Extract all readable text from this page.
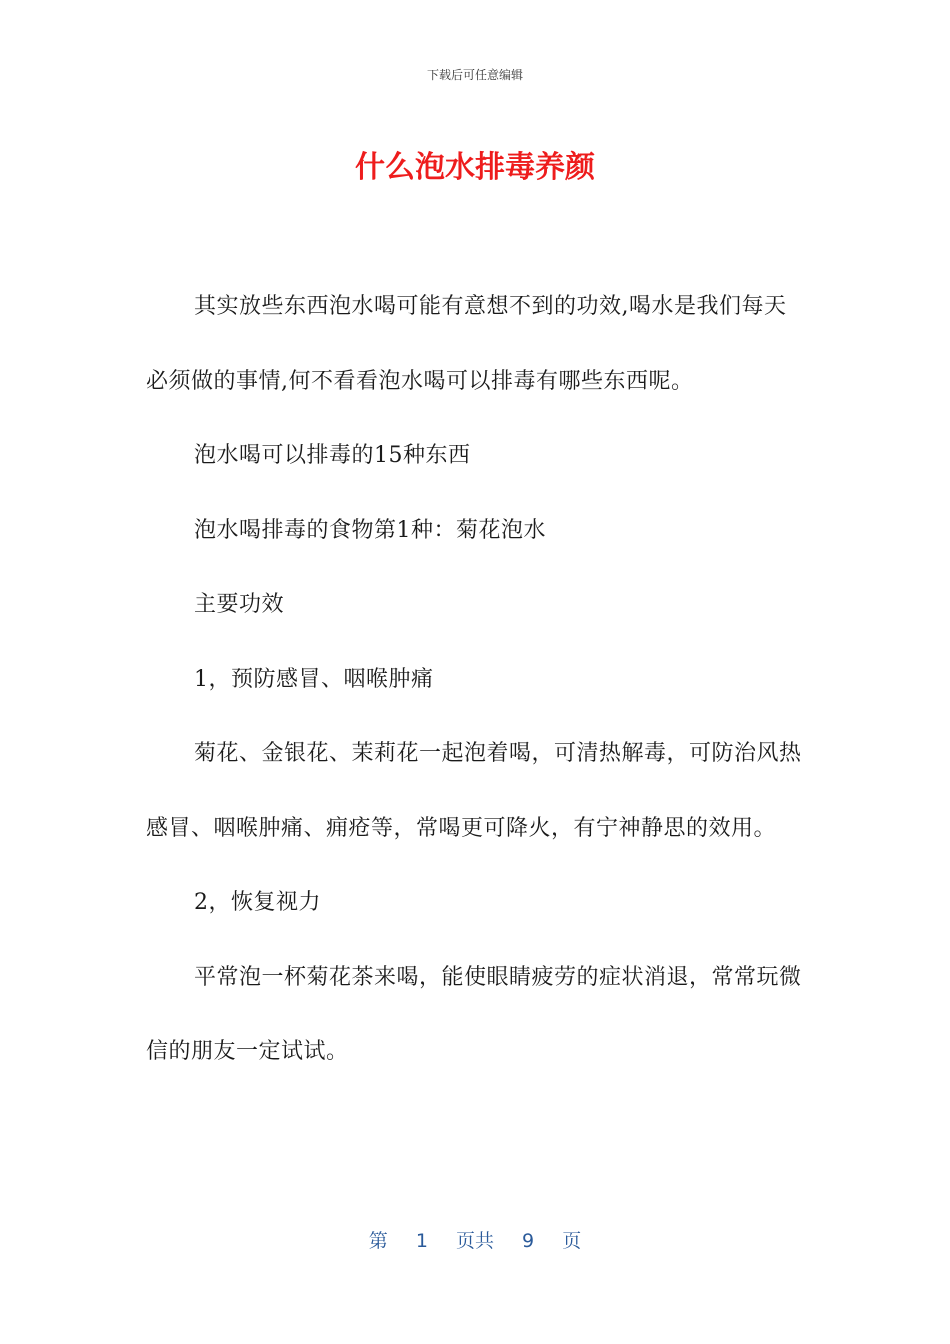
下载后可任意编辑
什么泡水排毒养颜

其实放些东西泡水喝可能有意想不到的功效,喝水是我们每天必须做的事情,何不看看泡水喝可以排毒有哪些东西呢。

泡水喝可以排毒的15种东西

泡水喝排毒的食物第1种：菊花泡水

主要功效

1，预防感冒、咽喉肿痛

菊花、金银花、茉莉花一起泡着喝，可清热解毒，可防治风热感冒、咽喉肿痛、痈疮等，常喝更可降火，有宁神静思的效用。

2，恢复视力

平常泡一杯菊花茶来喝，能使眼睛疲劳的症状消退，常常玩微信的朋友一定试试。

第 1 页共 9 页
